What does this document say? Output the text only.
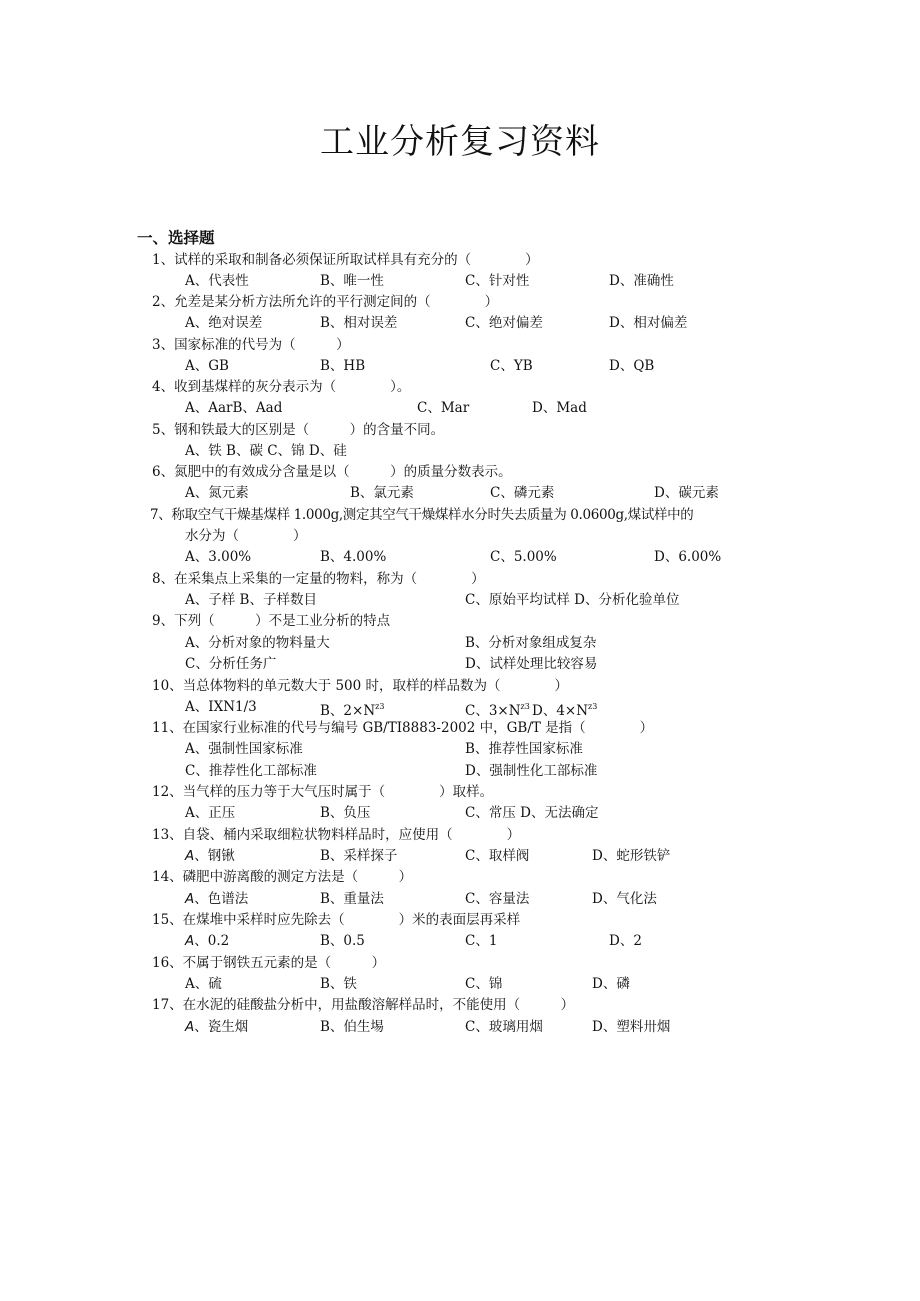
工业分析复习资料
一、选择题
1、试样的采取和制备必须保证所取试样具有充分的（　　　　）
A、代表性	B、唯一性	C、针对性	D、准确性
2、允差是某分析方法所允许的平行测定间的（　　　　）
A、绝对误差	B、相对误差	C、绝对偏差	D、相对偏差
3、国家标准的代号为（　　　）
A、GB	B、HB	C、YB	D、QB
4、收到基煤样的灰分表示为（　　　　）。
A、AarB、Aad	C、Mar	D、Mad
5、钢和铁最大的区别是（　　　）的含量不同。
A、铁 B、碳 C、锦 D、硅
6、氮肥中的有效成分含量是以（　　　）的质量分数表示。
A、氮元素	B、氯元素	C、磷元素	D、碳元素
7、称取空气干燥基煤样 1.000g,测定其空气干燥煤样水分时失去质量为 0.0600g,煤试样中的
水分为（　　　　）
A、3.00%	B、4.00%	C、5.00%	D、6.00%
8、在采集点上采集的一定量的物料，称为（　　　　）
A、子样 B、子样数目	C、原始平均试样 D、分析化验单位
9、下列（　　　）不是工业分析的特点
A、分析对象的物料量大	B、分析对象组成复杂
C、分析任务广	D、试样处理比较容易
10、当总体物料的单元数大于 500 时，取样的样品数为（　　　　）
A、IXN1/3	B、$2\times N^{z3}$	C、$3\times N^{z3}$ D、$4\times N^{z3}$
11、在国家行业标准的代号与编号 GB/TI8883-2002 中，GB/T 是指（　　　　）
A、强制性国家标准	B、推荐性国家标准
C、推荐性化工部标准	D、强制性化工部标准
12、当气样的压力等于大气压时属于（　　　　）取样。
A、正压	B、负压	C、常压 D、无法确定
13、自袋、桶内采取细粒状物料样品时，应使用（　　　　）
A、钢锹	B、采样探子	C、取样阀	D、蛇形铁铲
14、磷肥中游离酸的测定方法是（　　　）
A、色谱法	B、重量法	C、容量法	D、气化法
15、在煤堆中采样时应先除去（　　　　）米的表面层再采样
A、0.2	B、0.5	C、1	D、2
16、不属于钢铁五元素的是（　　　）
A、硫	B、铁	C、锦	D、磷
17、在水泥的硅酸盐分析中，用盐酸溶解样品时，不能使用（　　　）
A、瓷生烟	B、伯生埸	C、玻璃用烟	D、塑料卅烟
